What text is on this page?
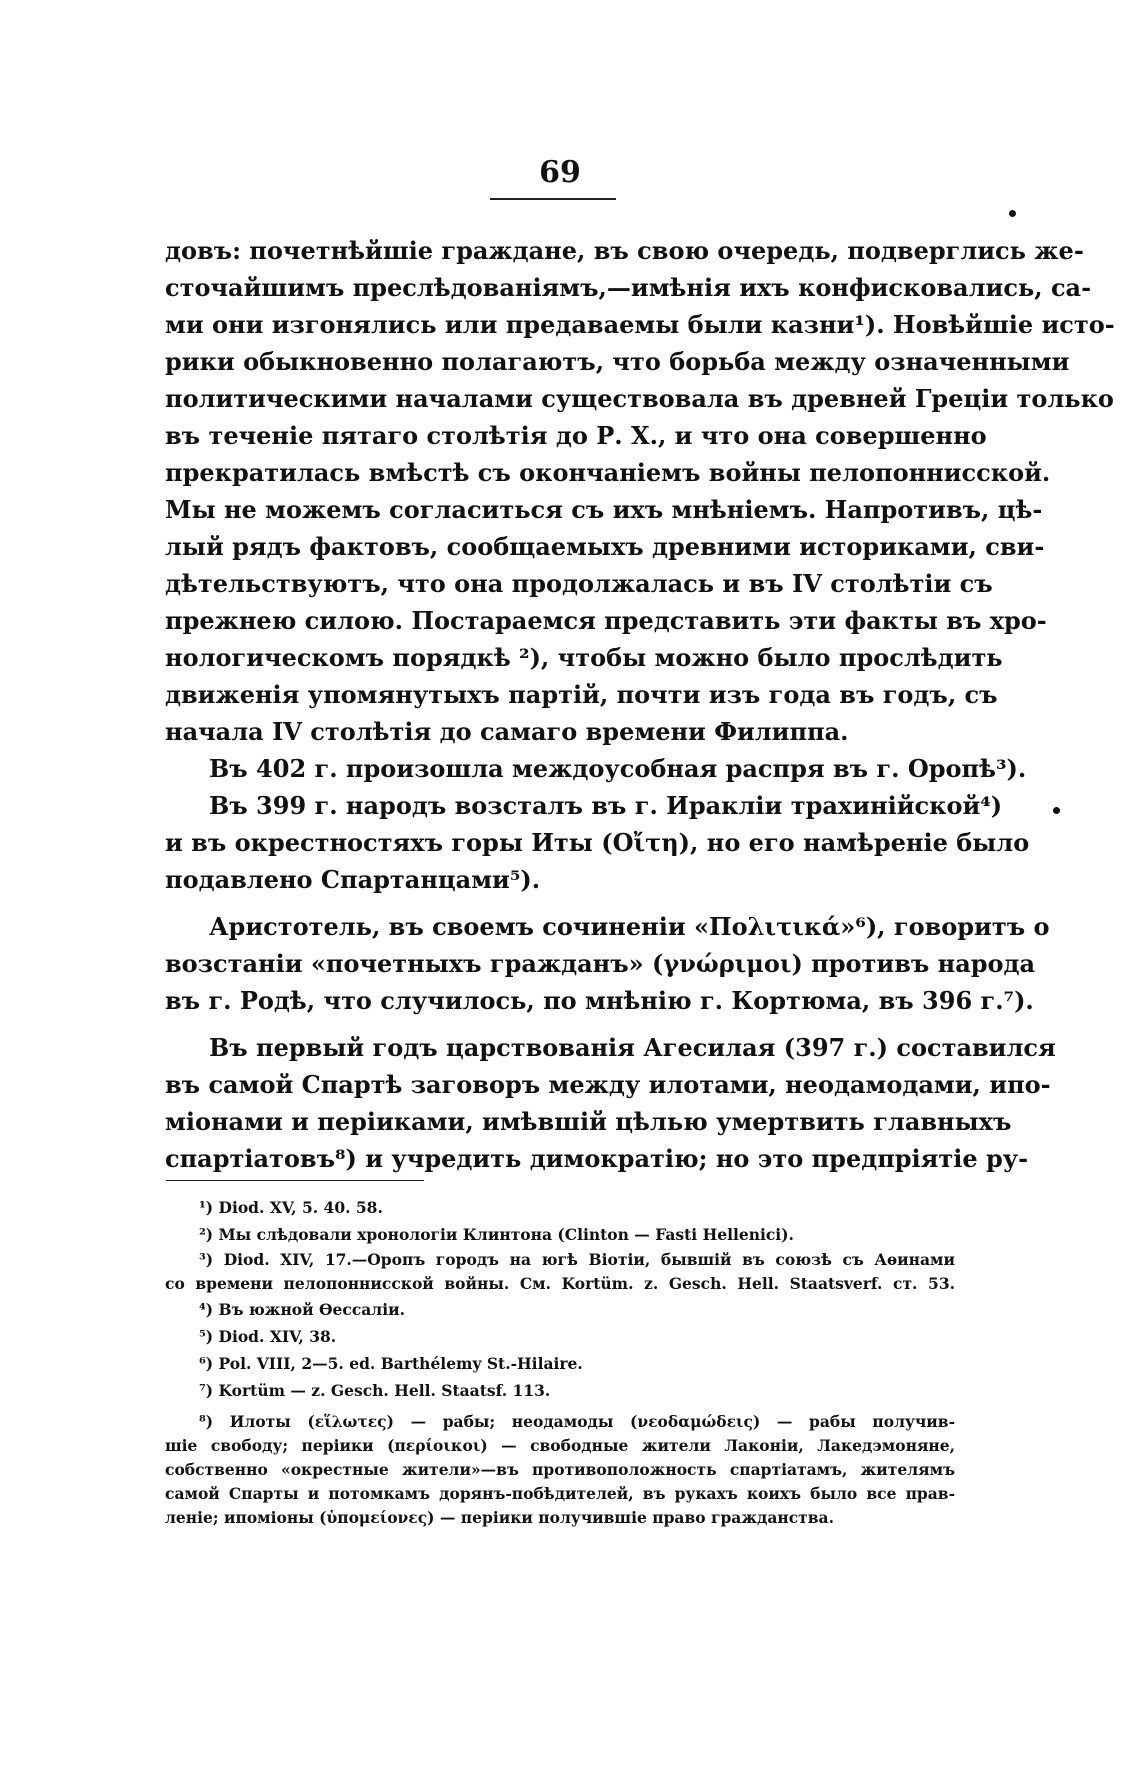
69
довъ: почетнѣйшіе граждане, въ свою очередь, подверглись же-
сточайшимъ преслѣдованіямъ,—имѣнія ихъ конфисковались, са-
ми они изгонялись или предаваемы были казни¹). Новѣйшіе исто-
рики обыкновенно полагаютъ, что борьба между означенными
политическими началами существовала въ древней Греціи только
въ теченіе пятаго столѣтія до Р. Х., и что она совершенно
прекратилась вмѣстѣ съ окончаніемъ войны пелопоннисской.
Мы не можемъ согласиться съ ихъ мнѣніемъ. Напротивъ, цѣ-
лый рядъ фактовъ, сообщаемыхъ древними историками, сви-
дѣтельствуютъ, что она продолжалась и въ IV столѣтіи съ
прежнею силою. Постараемся представить эти факты въ хро-
нологическомъ порядкѣ ²), чтобы можно было прослѣдить
движенія упомянутыхъ партій, почти изъ года въ годъ, съ
начала IV столѣтія до самаго времени Филиппа.
Въ 402 г. произошла междоусобная распря въ г. Оропѣ³).
Въ 399 г. народъ возсталъ въ г. Иракліи трахинійской⁴)
и въ окрестностяхъ горы Иты (Οἴτη), но его намѣреніе было
подавлено Спартанцами⁵).
Аристотель, въ своемъ сочиненіи «Πολιτικά»⁶), говоритъ о
возстаніи «почетныхъ гражданъ» (γνώριμοι) противъ народа
въ г. Родѣ, что случилось, по мнѣнію г. Кортюма, въ 396 г.⁷).
Въ первый годъ царствованія Агесилая (397 г.) составился
въ самой Спартѣ заговоръ между илотами, неодамодами, ипо-
міонами и періиками, имѣвшій цѣлью умертвить главныхъ
спартіатовъ⁸) и учредить димократію; но это предпріятіе ру-
¹) Diod. XV, 5. 40. 58.
²) Мы слѣдовали хронологіи Клинтона (Clinton — Fasti Hellenici).
³) Diod. XIV, 17.—Оропъ городъ на югѣ Віотіи, бывшій въ союзѣ съ Аѳинами
со времени пелопоннисской войны. См. Kortüm. z. Gesch. Hell. Staatsverf. ст. 53.
⁴) Въ южной Ѳессаліи.
⁵) Diod. XIV, 38.
⁶) Pol. VIII, 2—5. ed. Barthélemy St.-Hilaire.
⁷) Kortüm — z. Gesch. Hell. Staatsf. 113.
⁸) Илоты (εἵλωτες) — рабы; неодамоды (νεοδαμώδεις) — рабы получив-
шіе свободу; періики (περίοικοι) — свободные жители Лаконіи, Лакедэмоняне,
собственно «окрестные жители»—въ противоположность спартіатамъ, жителямъ
самой Спарты и потомкамъ дорянъ-побѣдителей, въ рукахъ коихъ было все прав-
леніе; ипоміоны (ὑπομείονες) — періики получившіе право гражданства.
